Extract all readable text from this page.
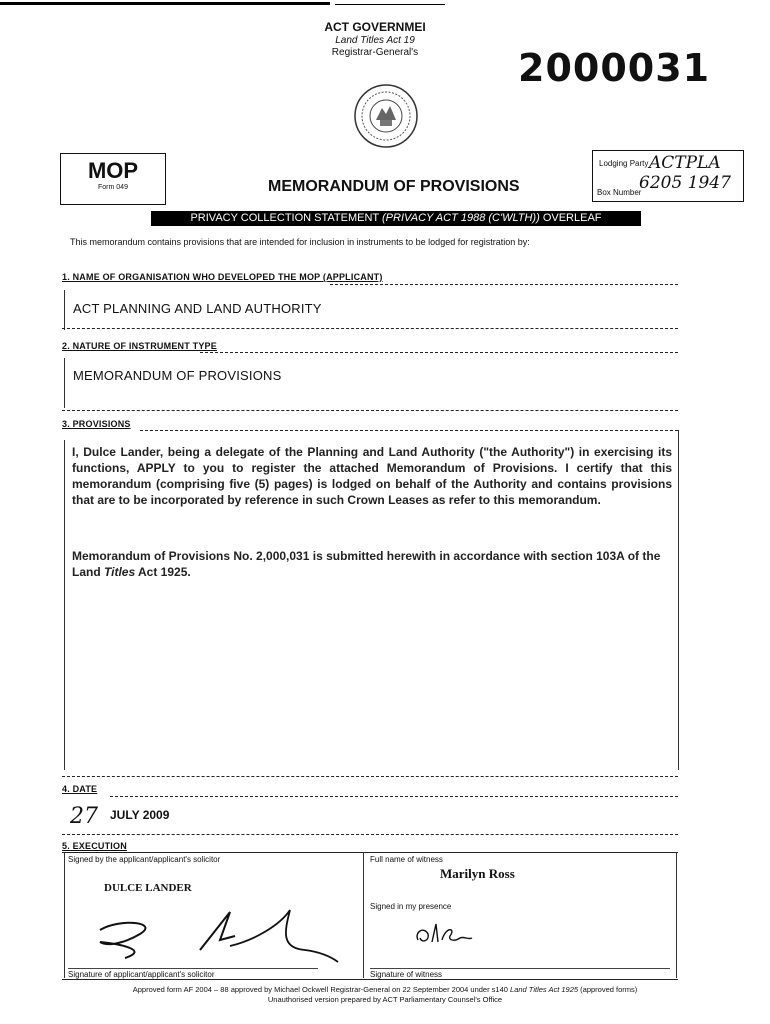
ACT GOVERNMEI
Land Titles Act 19
Registrar-General's	2000031
MOP
Form 049	MEMORANDUM OF PROVISIONS
Lodging Party ACTPLA
Box Number
6205 1947
PRIVACY COLLECTION STATEMENT (PRIVACY ACT 1988 (C'WLTH)) OVERLEAF
This memorandum contains provisions that are intended for inclusion in instruments to be lodged for registration by:
1. NAME OF ORGANISATION WHO DEVELOPED THE MOP (APPLICANT)
ACT PLANNING AND LAND AUTHORITY
2. NATURE OF INSTRUMENT TYPE
MEMORANDUM OF PROVISIONS
3. PROVISIONS
I, Dulce Lander, being a delegate of the Planning and Land Authority ("the Authority") in exercising its functions, APPLY to you to register the attached Memorandum of Provisions. I certify that this memorandum (comprising five (5) pages) is lodged on behalf of the Authority and contains provisions that are to be incorporated by reference in such Crown Leases as refer to this memorandum.
Memorandum of Provisions No. 2,000,031 is submitted herewith in accordance with section 103A of the Land Titles Act 1925.
4. DATE
27 JULY 2009
5. EXECUTION
Signed by the applicant/applicant's solicitor
DULCE LANDER
Signature of applicant/applicant's solicitor
Full name of witness
Marilyn Ross
Signed in my presence
Signature of witness
Approved form AF 2004 – 88 approved by Michael Ockwell Registrar-General on 22 September 2004 under s140 Land Titles Act 1925 (approved forms)
Unauthorised version prepared by ACT Parliamentary Counsel's Office
